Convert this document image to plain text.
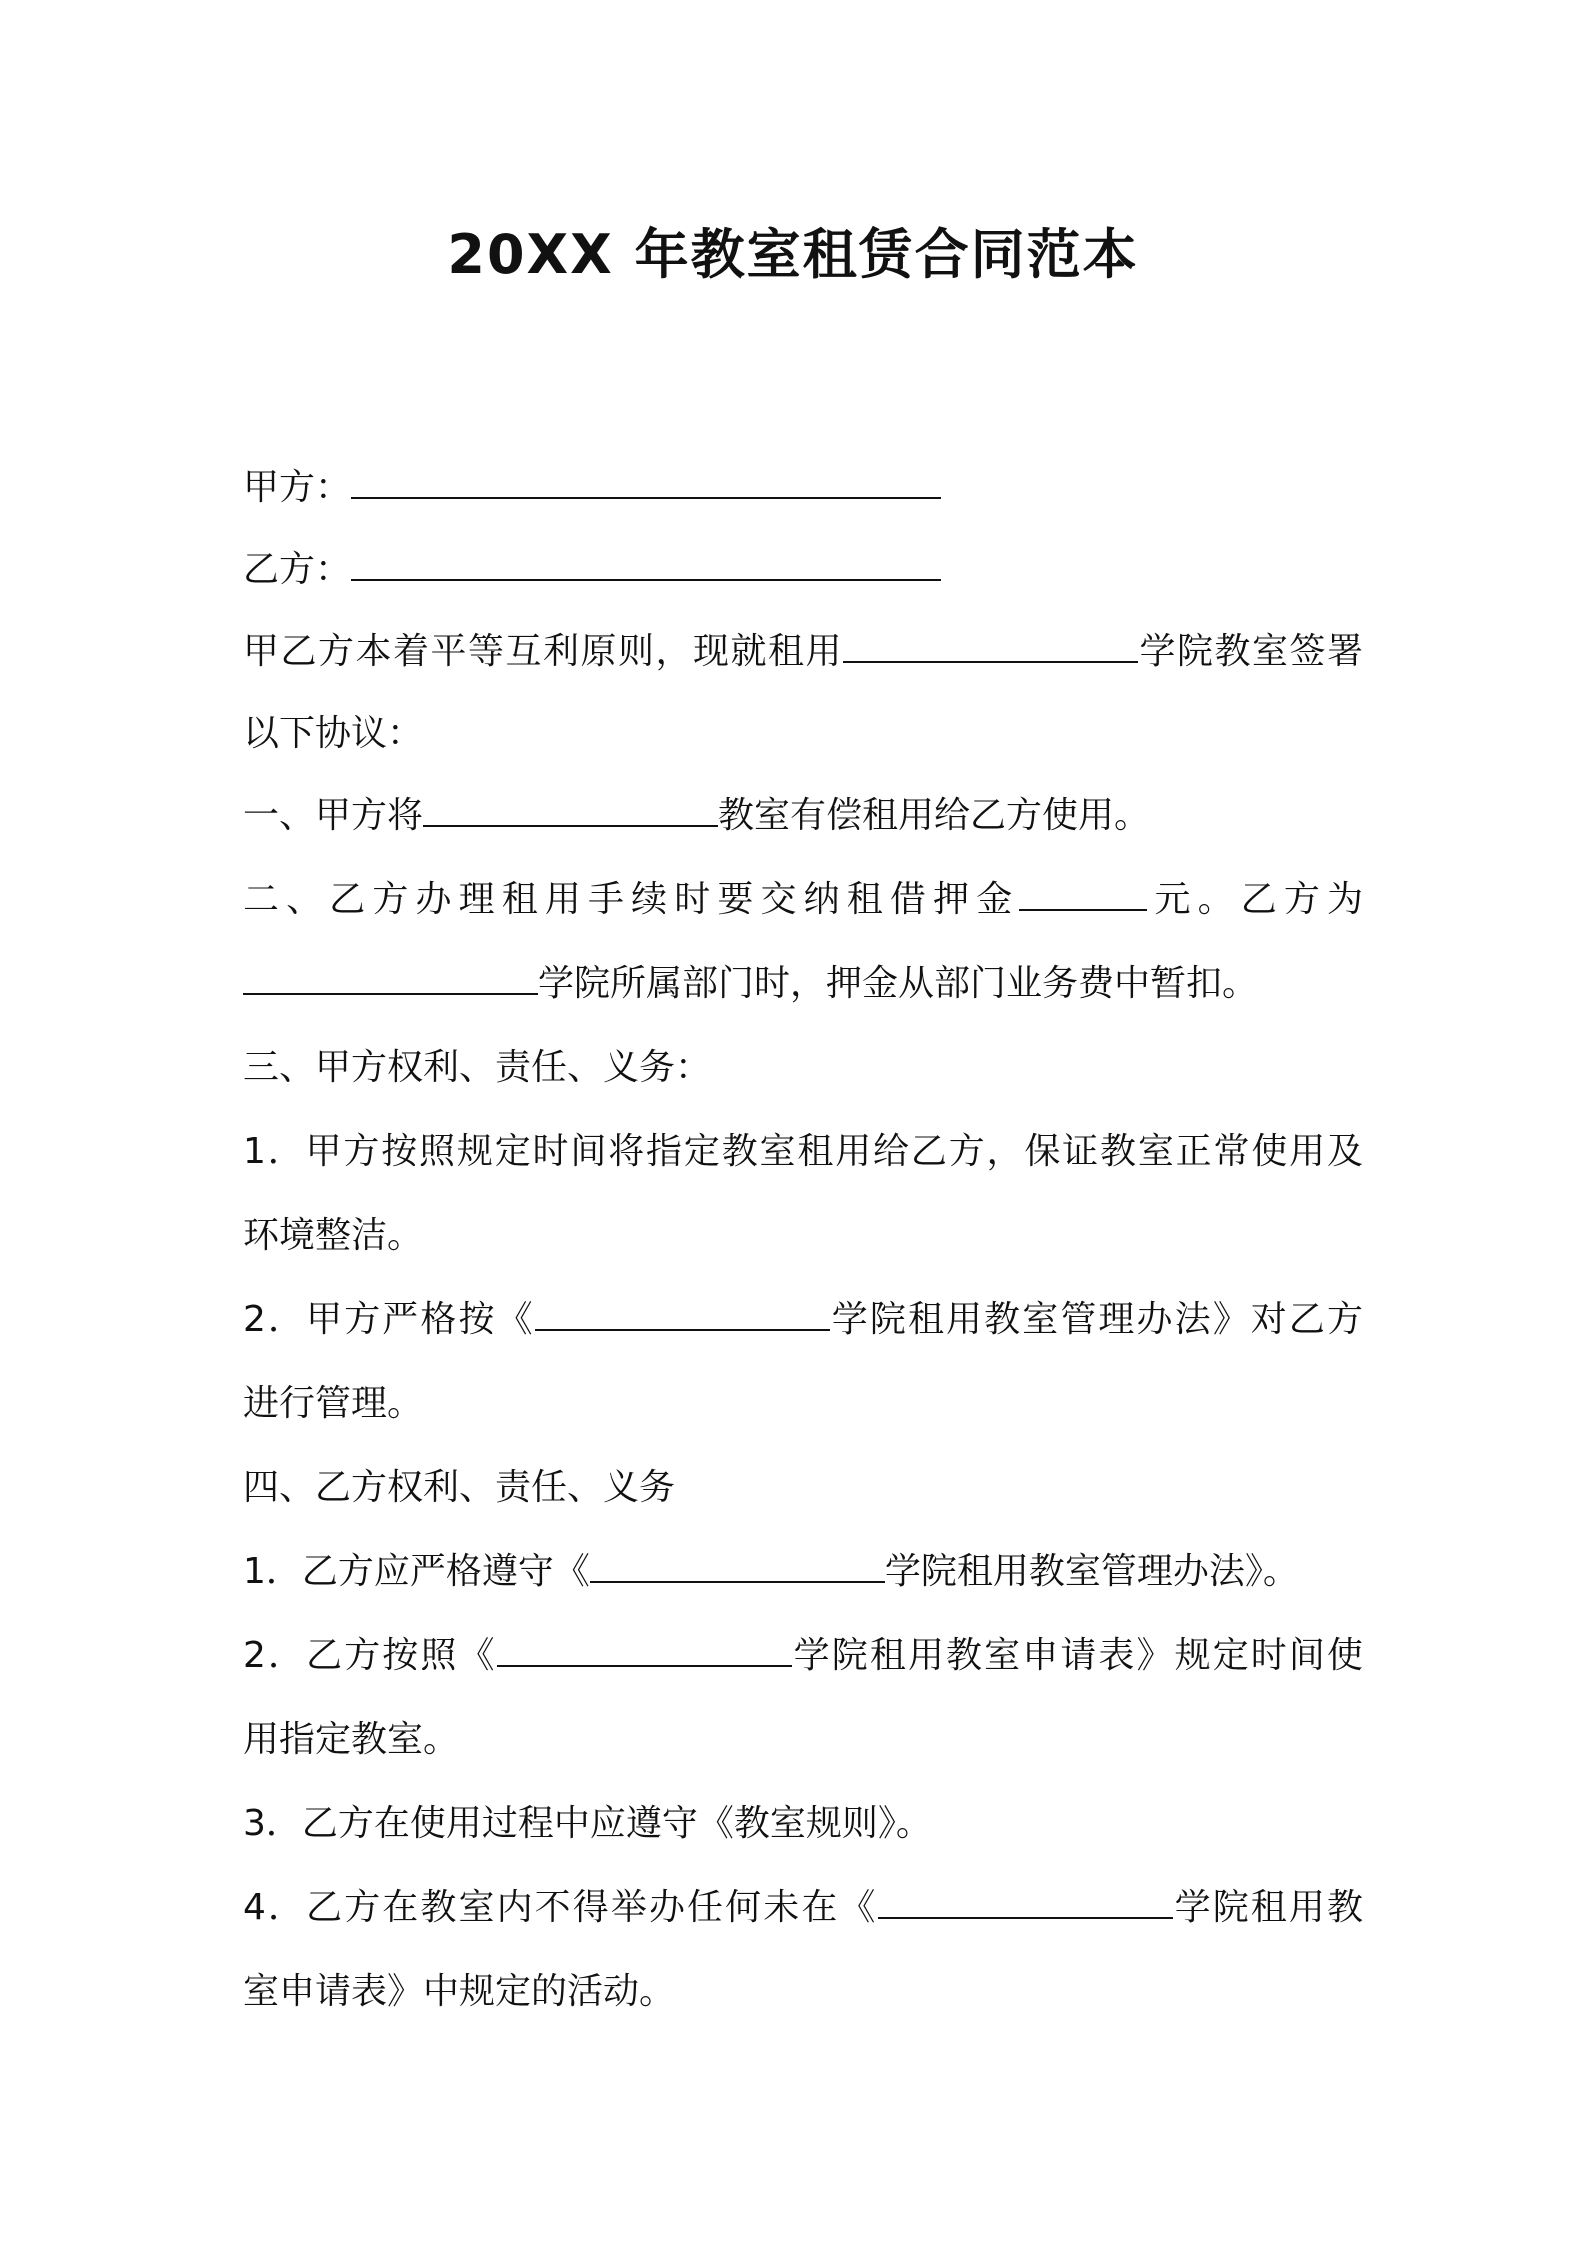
20XX 年教室租赁合同范本

甲方：

乙方：

甲乙方本着平等互利原则，现就租用	学院教室签署

以下协议：

一、甲方将	教室有偿租用给乙方使用。

二、乙方办理租用手续时要交纳租借押金	元。乙方为

学院所属部门时，押金从部门业务费中暂扣。

三、甲方权利、责任、义务：

1．甲方按照规定时间将指定教室租用给乙方，保证教室正常使用及

环境整洁。

2．甲方严格按《	学院租用教室管理办法》对乙方

进行管理。

四、乙方权利、责任、义务

1．乙方应严格遵守《	学院租用教室管理办法》。

2．乙方按照《	学院租用教室申请表》规定时间使

用指定教室。

3．乙方在使用过程中应遵守《教室规则》。

4．乙方在教室内不得举办任何未在《	学院租用教

室申请表》中规定的活动。
